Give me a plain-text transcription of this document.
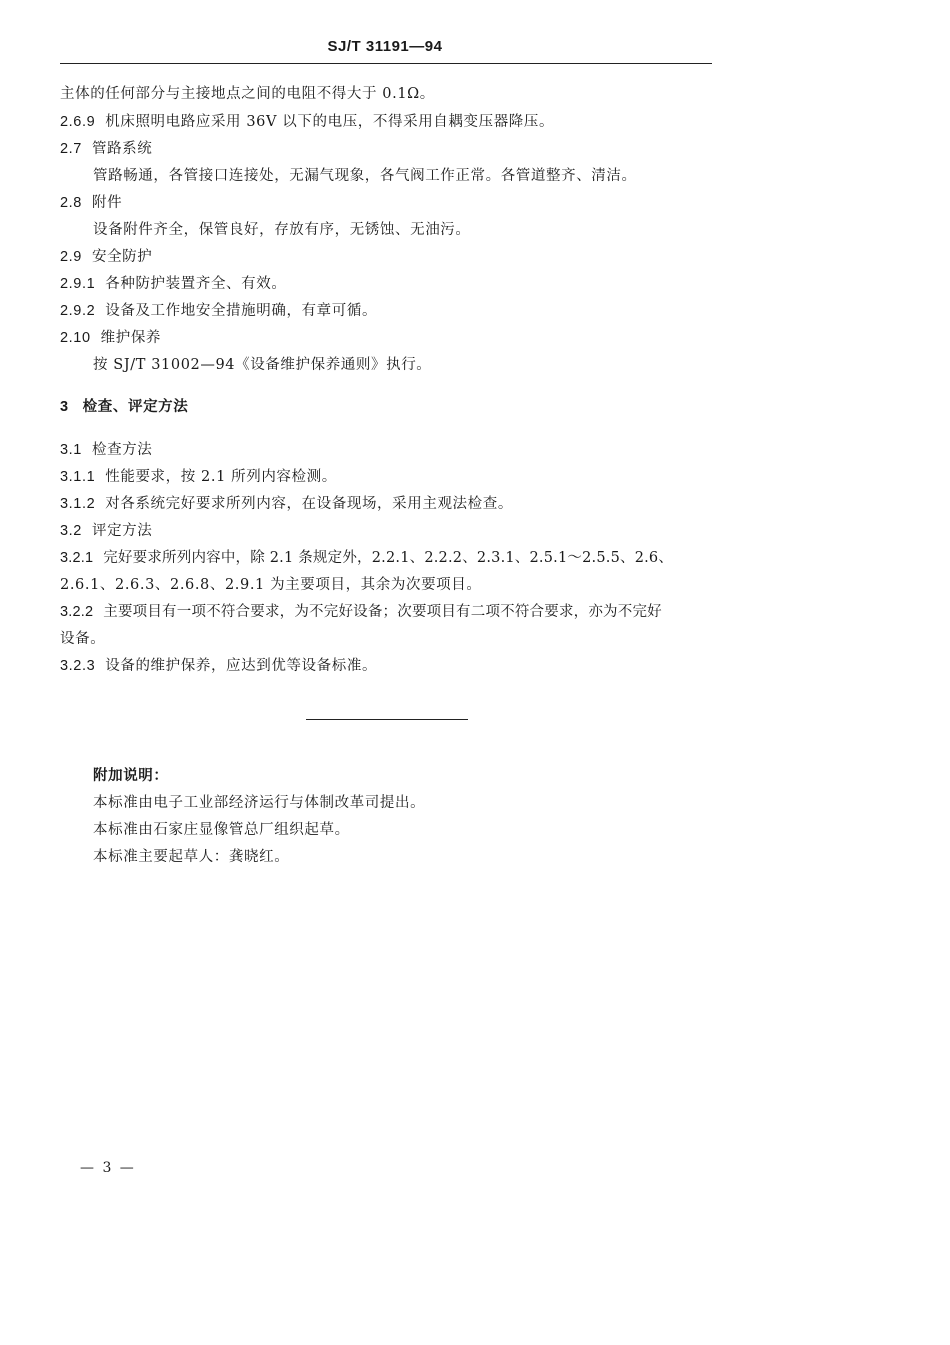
SJ/T 31191—94
主体的任何部分与主接地点之间的电阻不得大于 0.1Ω。
2.6.9 机床照明电路应采用 36V 以下的电压，不得采用自耦变压器降压。
2.7 管路系统
管路畅通，各管接口连接处，无漏气现象，各气阀工作正常。各管道整齐、清洁。
2.8 附件
设备附件齐全，保管良好，存放有序，无锈蚀、无油污。
2.9 安全防护
2.9.1 各种防护装置齐全、有效。
2.9.2 设备及工作地安全措施明确，有章可循。
2.10 维护保养
按 SJ/T 31002—94《设备维护保养通则》执行。
3 检查、评定方法
3.1 检查方法
3.1.1 性能要求，按 2.1 所列内容检测。
3.1.2 对各系统完好要求所列内容，在设备现场，采用主观法检查。
3.2 评定方法
3.2.1 完好要求所列内容中，除 2.1 条规定外，2.2.1、2.2.2、2.3.1、2.5.1～2.5.5、2.6、
2.6.1、2.6.3、2.6.8、2.9.1 为主要项目，其余为次要项目。
3.2.2 主要项目有一项不符合要求，为不完好设备；次要项目有二项不符合要求，亦为不完好
设备。
3.2.3 设备的维护保养，应达到优等设备标准。
附加说明：
本标准由电子工业部经济运行与体制改革司提出。
本标准由石家庄显像管总厂组织起草。
本标准主要起草人：龚晓红。
— 3 —
